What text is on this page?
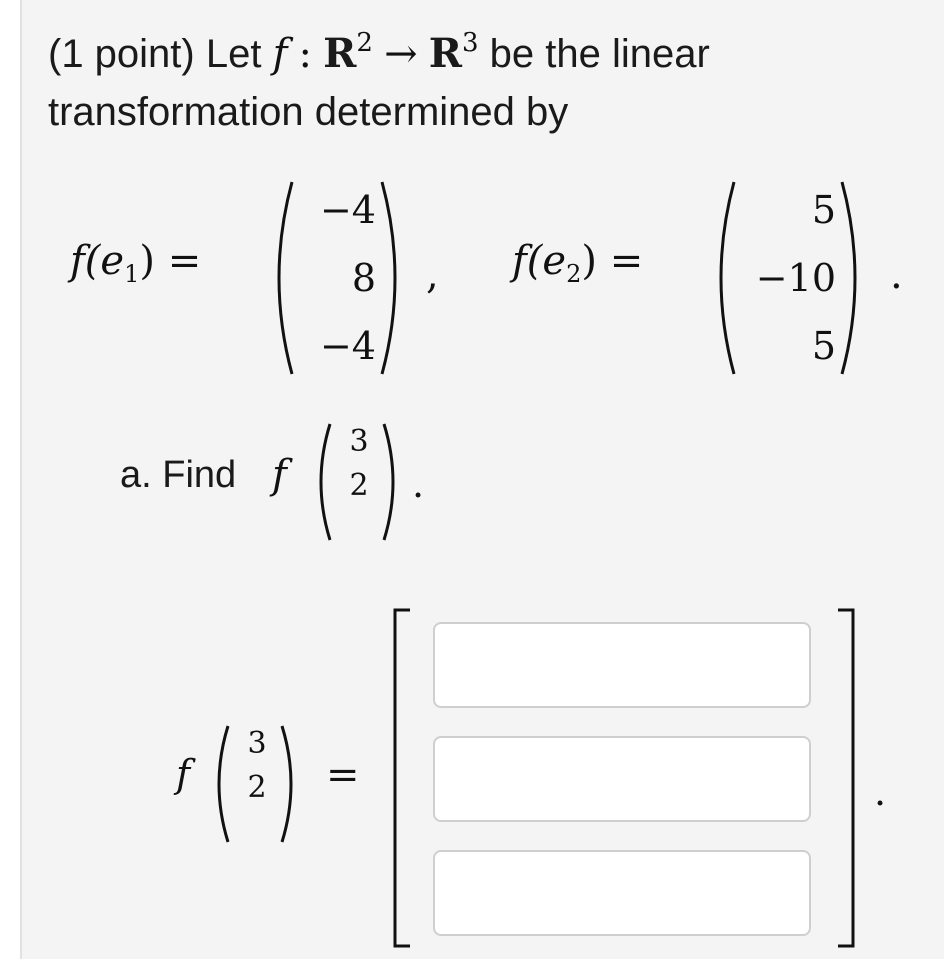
(1 point) Let f : $R^2 \to R^3$ be the linear
transformation determined by
$f(e_1)$ =
−4
8
−4
, $f(e_2)$ =
5
−10
5
.
a. Find f
3
2	.
f
3
2	=	.
